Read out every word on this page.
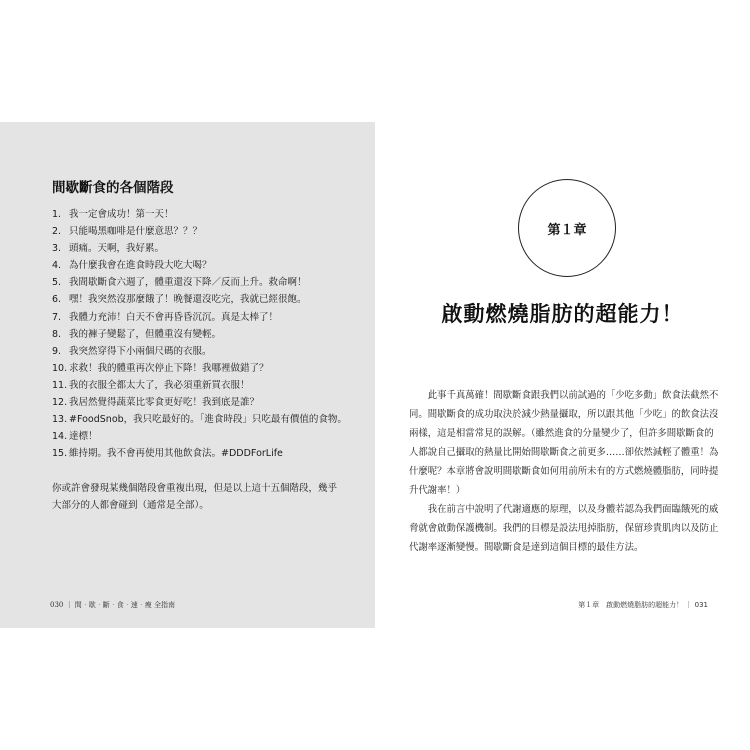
間歇斷食的各個階段
1. 我一定會成功！第一天！
2. 只能喝黑咖啡是什麼意思？？？
3. 頭痛。天啊，我好累。
4. 為什麼我會在進食時段大吃大喝？
5. 我間歇斷食六週了，體重還沒下降／反而上升。救命啊！
6. 嘿！我突然沒那麼餓了！晚餐還沒吃完，我就已經很飽。
7. 我體力充沛！白天不會再昏昏沉沉。真是太棒了！
8. 我的褲子變鬆了，但體重沒有變輕。
9. 我突然穿得下小兩個尺碼的衣服。
10. 求救！我的體重再次停止下降！我哪裡做錯了？
11. 我的衣服全都太大了，我必須重新買衣服！
12. 我居然覺得蔬菜比零食更好吃！我到底是誰？
13. #FoodSnob，我只吃最好的。「進食時段」只吃最有價值的食物。
14. 達標！
15. 維持期。我不會再使用其他飲食法。#DDDForLife
你或許會發現某幾個階段會重複出現，但是以上這十五個階段，幾乎大部分的人都會碰到（通常是全部）。
030 ｜ 間‧歇‧斷‧食‧速‧瘦 全指南
第１章
啟動燃燒脂肪的超能力！

此事千真萬確！間歇斷食跟我們以前試過的「少吃多動」飲食法截然不同。間歇斷食的成功取決於減少熱量攝取，所以跟其他「少吃」的飲食法沒兩樣，這是相當常見的誤解。（雖然進食的分量變少了，但許多間歇斷食的人都說自己攝取的熱量比開始間歇斷食之前更多……卻依然減輕了體重！為什麼呢？本章將會說明間歇斷食如何用前所未有的方式燃燒體脂肪，同時提升代謝率！）

我在前言中說明了代謝適應的原理，以及身體若認為我們面臨餓死的威脅就會啟動保護機制。我們的目標是設法甩掉脂肪，保留珍貴肌肉以及防止代謝率逐漸變慢。間歇斷食是達到這個目標的最佳方法。

第１章　啟動燃燒脂肪的超能力！ ｜ 031
